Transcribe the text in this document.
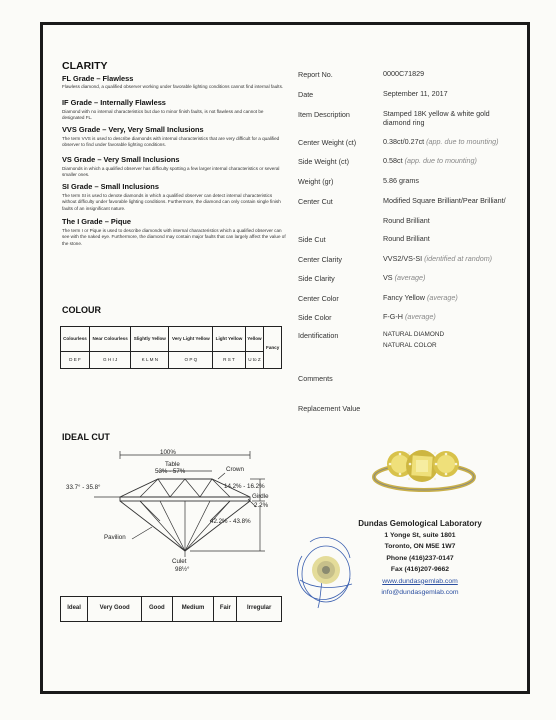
CLARITY
FL Grade – Flawless
Flawless diamond, a qualified observer working under favorable lighting conditions cannot find internal faults.
IF Grade – Internally Flawless
Diamond with no internal characteristics but due to minor finish faults, is not flawless and cannot be designated FL.
VVS Grade – Very, Very Small Inclusions
The term VVS is used to describe diamonds with internal characteristics that are very difficult for a qualified observer to find under favorable lighting conditions.
VS Grade – Very Small Inclusions
Diamonds in which a qualified observer has difficulty spotting a few larger internal characteristics or several smaller ones.
SI Grade – Small Inclusions
The term SI is used to denote diamonds in which a qualified observer can detect internal characteristics without difficulty under favorable lighting conditions. Furthermore, the diamond can only contain single finish faults of an insignificant nature.
The I Grade – Pique
The term I or Pique is used to describe diamonds with internal characteristics which a qualified observer can see with the naked eye. Furthermore, the diamond may contain major faults that can largely affect the value of the stone.
COLOUR
Colourless	Near Colourless	Slightly Yellow	Very Light Yellow	Light Yellow	Yellow	Fancy
D E F	G H I J	K L M N	O P Q	R S T	U to Z	
IDEAL CUT
100%
Table
53% - 57%	Crown
33.7° - 35.8°	14.2% - 16.2%
Girdle
2.2%
42.2% - 43.8%
Pavilion
Culet
98½°
Ideal	Very Good	Good	Medium	Fair	Irregular
Report No.	0000C71829
Date	September 11, 2017
Item Description	Stamped 18K yellow & white gold diamond ring
Center Weight (ct)	0.38ct/0.27ct (app. due to mounting)
Side Weight (ct)	0.58ct (app. due to mounting)
Weight (gr)	5.86 grams
Center Cut	Modified Square Brilliant/Pear Brilliant/
Round Brilliant
Side Cut	Round Brilliant
Center Clarity	VVS2/VS-SI (identified at random)
Side Clarity	VS (average)
Center Color	Fancy Yellow (average)
Side Color	F-G-H (average)
Identification	NATURAL DIAMOND
NATURAL COLOR
Comments
Replacement Value
Dundas Gemological Laboratory
1 Yonge St, suite 1801
Toronto, ON M5E 1W7
Phone (416)237-0147
Fax (416)207-9662
www.dundasgemlab.com
info@dundasgemlab.com
